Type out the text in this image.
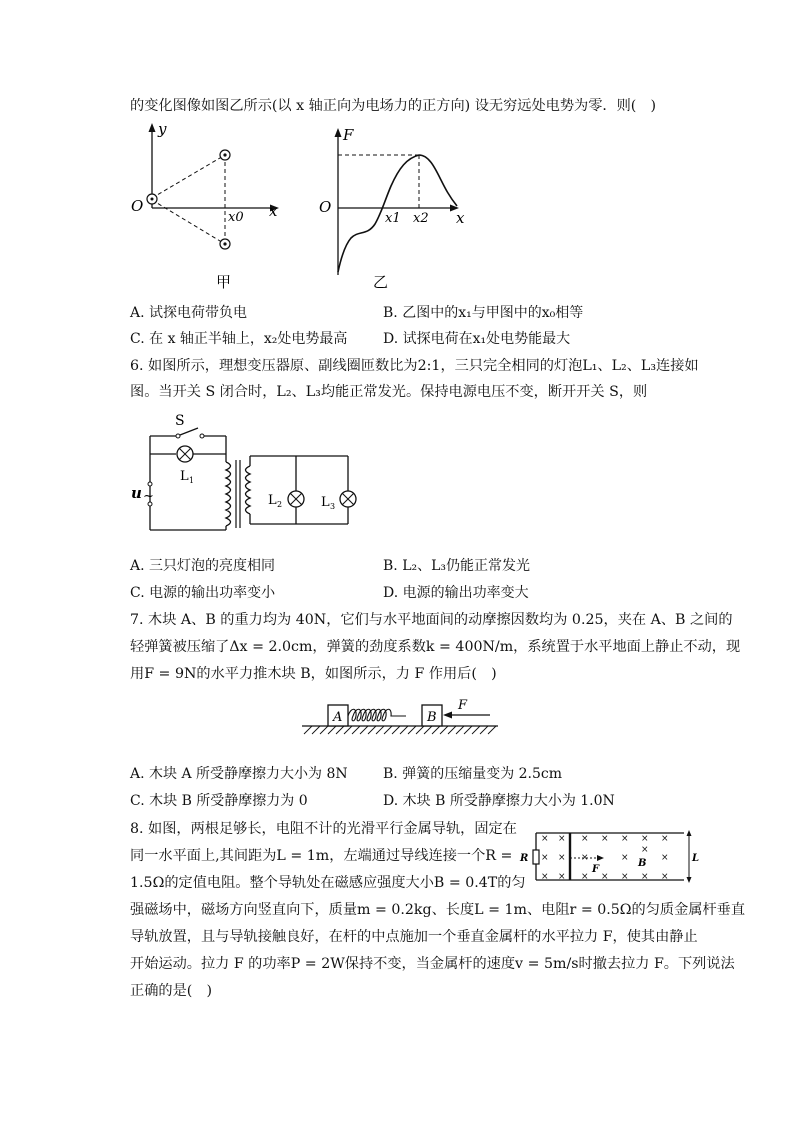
的变化图像如图乙所示(以 x 轴正向为电场力的正方向) 设无穷远处电势为零．则(　)
y
O	x
x0
甲
F
O
x
x1 x2
乙
A. 试探电荷带负电	B. 乙图中的x₁与甲图中的x₀相等
C. 在 x 轴正半轴上，x₂处电势最高	D. 试探电荷在x₁处电势能最大
6. 如图所示，理想变压器原、副线圈匝数比为2:1，三只完全相同的灯泡L₁、L₂、L₃连接如
图。当开关 S 闭合时，L₂、L₃均能正常发光。保持电源电压不变，断开开关 S，则
S
L 1
u ~	L 2	L 3
A. 三只灯泡的亮度相同	B. L₂、L₃仍能正常发光
C. 电源的输出功率变小	D. 电源的输出功率变大
7. 木块 A、B 的重力均为 40N，它们与水平地面间的动摩擦因数均为 0.25，夹在 A、B 之间的
轻弹簧被压缩了Δx = 2.0cm，弹簧的劲度系数k = 400N/m，系统置于水平地面上静止不动，现
用F = 9N的水平力推木块 B，如图所示，力 F 作用后(　)
A	B
F
A. 木块 A 所受静摩擦力大小为 8N	B. 弹簧的压缩量变为 2.5cm
C. 木块 B 所受静摩擦力为 0	D. 木块 B 所受静摩擦力大小为 1.0N
8. 如图，两根足够长，电阻不计的光滑平行金属导轨，固定在
同一水平面上,其间距为L = 1m，左端通过导线连接一个R =
1.5Ω的定值电阻。整个导轨处在磁感应强度大小B = 0.4T的匀
强磁场中，磁场方向竖直向下，质量m = 0.2kg、长度L = 1m、电阻r = 0.5Ω的匀质金属杆垂直
导轨放置，且与导轨接触良好，在杆的中点施加一个垂直金属杆的水平拉力 F，使其由静止
开始运动。拉力 F 的功率P = 2W保持不变，当金属杆的速度v = 5m/s时撤去拉力 F。下列说法
正确的是(　)
× × × × × × ×
× × ×	×
×
×
× × × × × × ×
R	B
F
L
